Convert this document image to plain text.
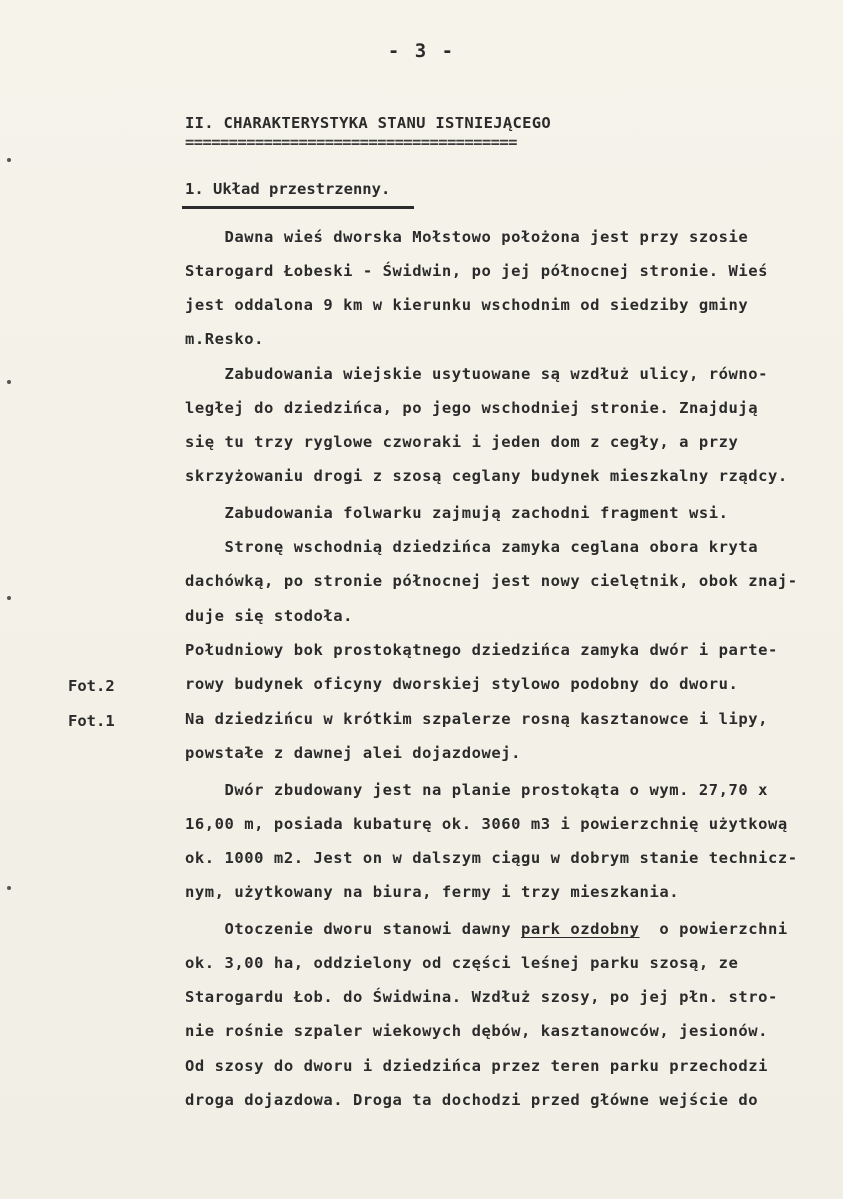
- 3 -
II. CHARAKTERYSTYKA STANU ISTNIEJĄCEGO
======================================
1. Układ przestrzenny.
Dawna wieś dworska Mołstowo położona jest przy szosie
Starogard Łobeski - Świdwin, po jej północnej stronie. Wieś
jest oddalona 9 km w kierunku wschodnim od siedziby gminy
m.Resko.
Zabudowania wiejskie usytuowane są wzdłuż ulicy, równo-
ległej do dziedzińca, po jego wschodniej stronie. Znajdują
się tu trzy ryglowe czworaki i jeden dom z cegły, a przy
skrzyżowaniu drogi z szosą ceglany budynek mieszkalny rządcy.
Zabudowania folwarku zajmują zachodni fragment wsi.
Stronę wschodnią dziedzińca zamyka ceglana obora kryta
dachówką, po stronie północnej jest nowy cielętnik, obok znaj-
duje się stodoła.
Południowy bok prostokątnego dziedzińca zamyka dwór i parte-
rowy budynek oficyny dworskiej stylowo podobny do dworu.
Na dziedzińcu w krótkim szpalerze rosną kasztanowce i lipy,
powstałe z dawnej alei dojazdowej.
Dwór zbudowany jest na planie prostokąta o wym. 27,70 x
16,00 m, posiada kubaturę ok. 3060 m3 i powierzchnię użytkową
ok. 1000 m2. Jest on w dalszym ciągu w dobrym stanie technicz-
nym, użytkowany na biura, fermy i trzy mieszkania.
Otoczenie dworu stanowi dawny park ozdobny  o powierzchni
ok. 3,00 ha, oddzielony od części leśnej parku szosą, ze
Starogardu Łob. do Świdwina. Wzdłuż szosy, po jej płn. stro-
nie rośnie szpaler wiekowych dębów, kasztanowców, jesionów.
Od szosy do dworu i dziedzińca przez teren parku przechodzi
droga dojazdowa. Droga ta dochodzi przed główne wejście do
Fot.2
Fot.1
